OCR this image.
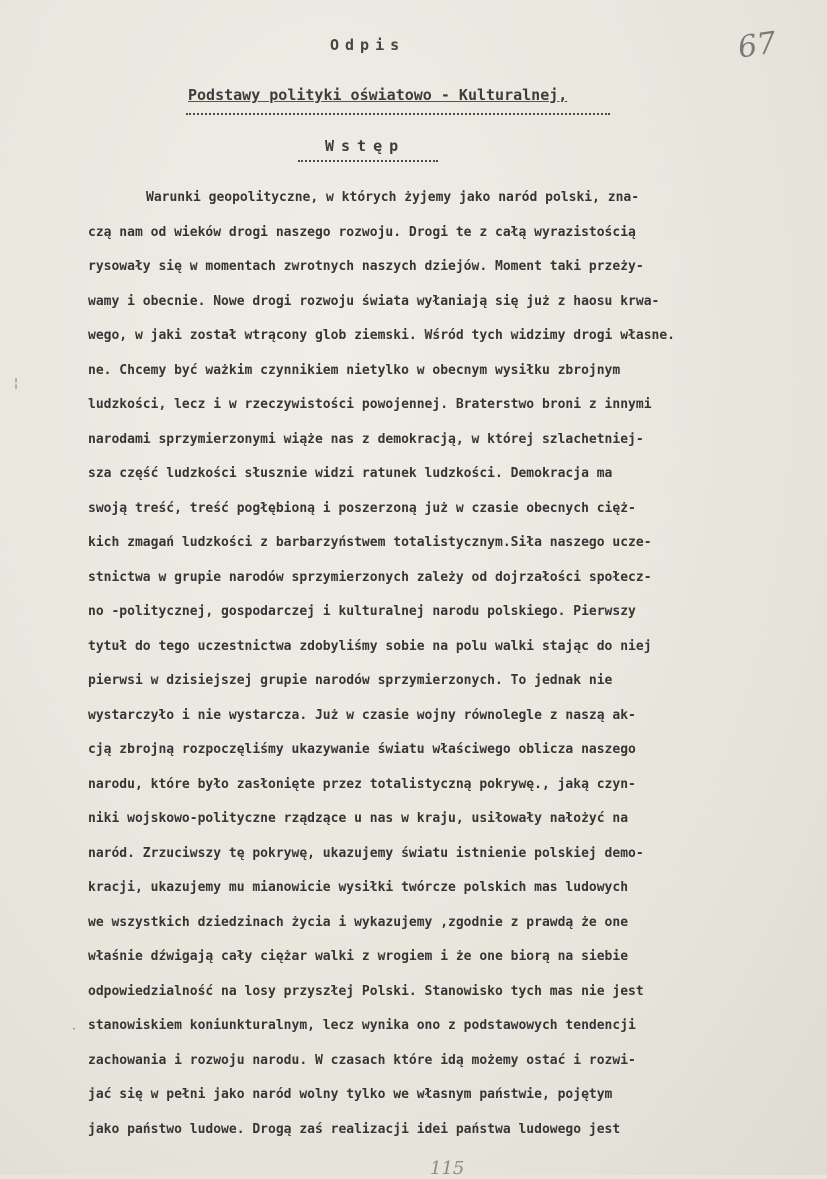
Odpis	67
Podstawy polityki oświatowo - Kulturalnej,
Wstęp
Warunki geopolityczne, w których żyjemy jako naród polski, zna-
czą nam od wieków drogi naszego rozwoju. Drogi te z całą wyrazistością
rysowały się w momentach zwrotnych naszych dziejów. Moment taki przeży-
wamy i obecnie. Nowe drogi rozwoju świata wyłaniają się już z haosu krwa-
wego, w jaki został wtrącony glob ziemski. Wśród tych widzimy drogi własne.
ne. Chcemy być ważkim czynnikiem nietylko w obecnym wysiłku zbrojnym
ludzkości, lecz i w rzeczywistości powojennej. Braterstwo broni z innymi
narodami sprzymierzonymi wiąże nas z demokracją, w której szlachetniej-
sza część ludzkości słusznie widzi ratunek ludzkości. Demokracja ma
swoją treść, treść pogłębioną i poszerzoną już w czasie obecnych cięż-
kich zmagań ludzkości z barbarzyństwem totalistycznym.Siła naszego ucze-
stnictwa w grupie narodów sprzymierzonych zależy od dojrzałości społecz-
no -politycznej, gospodarczej i kulturalnej narodu polskiego. Pierwszy
tytuł do tego uczestnictwa zdobyliśmy sobie na polu walki stając do niej
pierwsi w dzisiejszej grupie narodów sprzymierzonych. To jednak nie
wystarczyło i nie wystarcza. Już w czasie wojny równolegle z naszą ak-
cją zbrojną rozpoczęliśmy ukazywanie światu właściwego oblicza naszego
narodu, które było zasłonięte przez totalistyczną pokrywę., jaką czyn-
niki wojskowo-polityczne rządzące u nas w kraju, usiłowały nałożyć na
naród. Zrzuciwszy tę pokrywę, ukazujemy światu istnienie polskiej demo-
kracji, ukazujemy mu mianowicie wysiłki twórcze polskich mas ludowych
we wszystkich dziedzinach życia i wykazujemy ,zgodnie z prawdą że one
właśnie dźwigają cały ciężar walki z wrogiem i że one biorą na siebie
odpowiedzialność na losy przyszłej Polski. Stanowisko tych mas nie jest
stanowiskiem koniunkturalnym, lecz wynika ono z podstawowych tendencji
zachowania i rozwoju narodu. W czasach które idą możemy ostać i rozwi-
jać się w pełni jako naród wolny tylko we własnym państwie, pojętym
jako państwo ludowe. Drogą zaś realizacji idei państwa ludowego jest
¦
·
115
